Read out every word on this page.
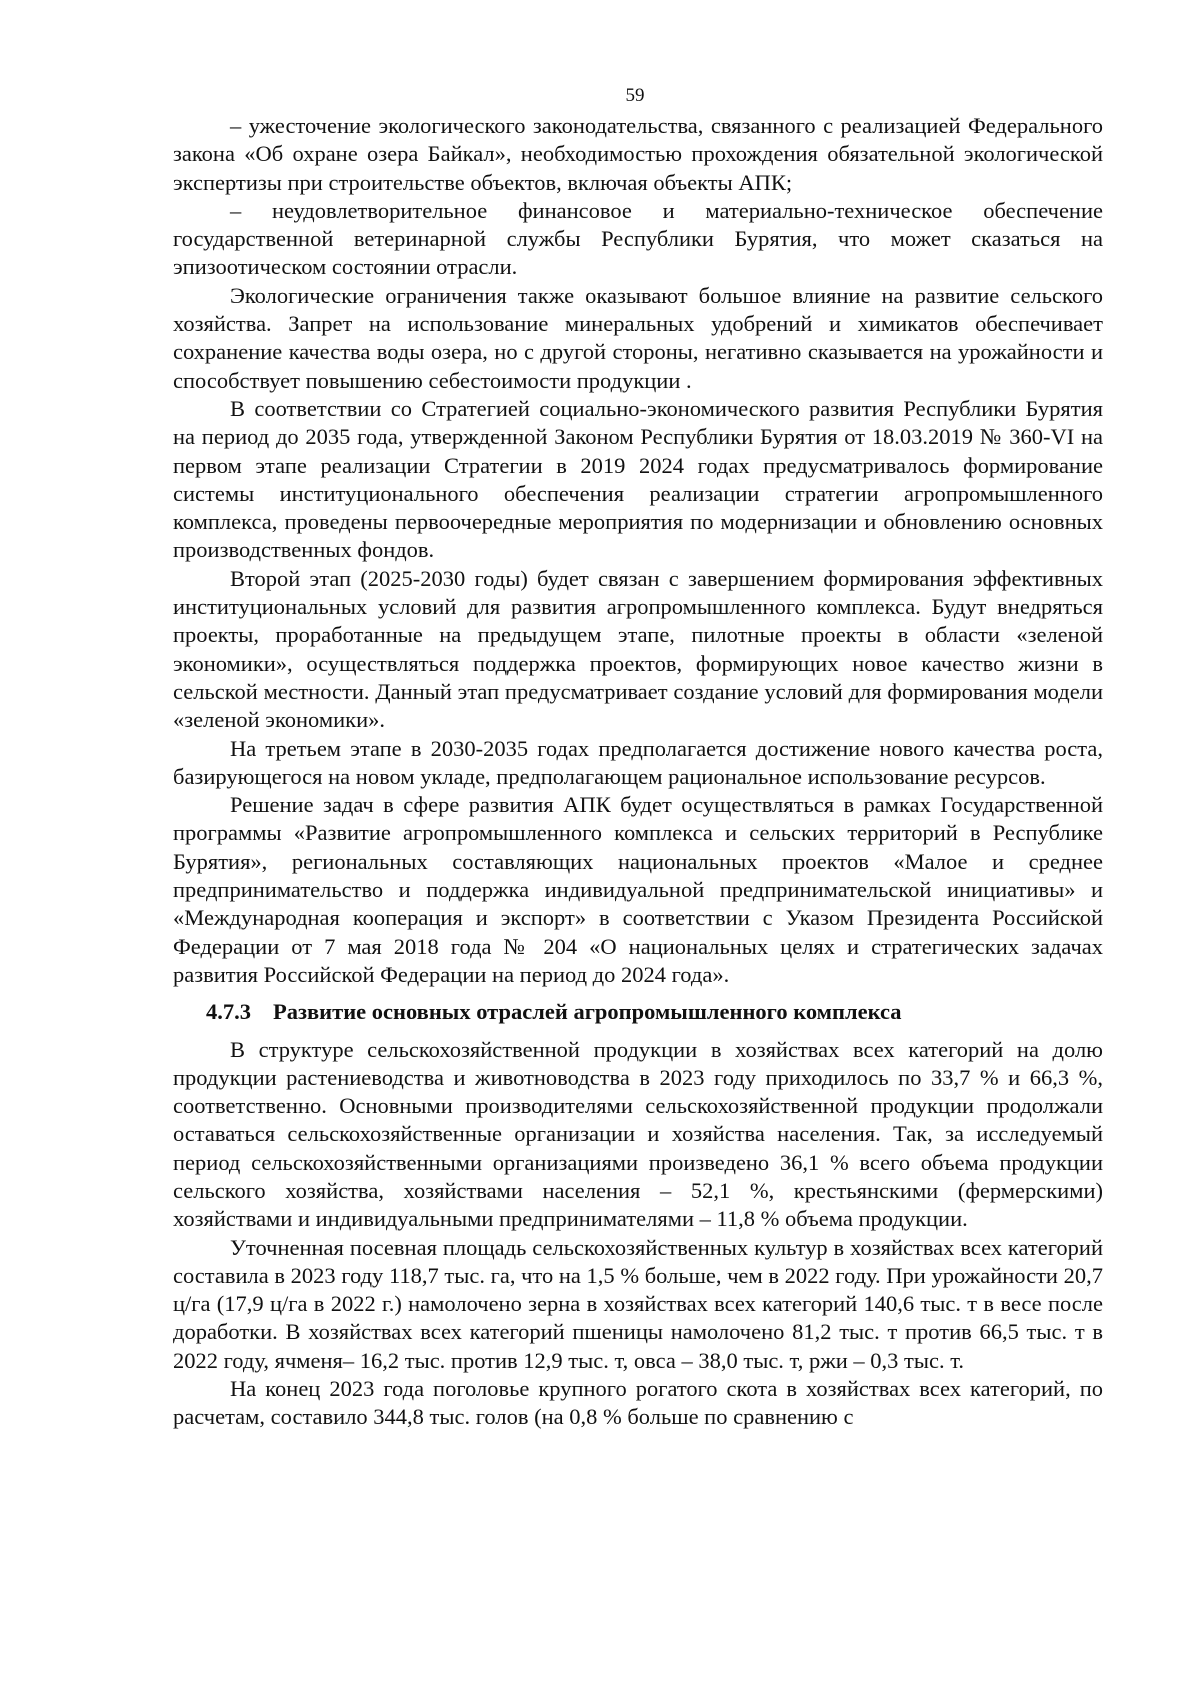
59

– ужесточение экологического законодательства, связанного с реализацией Федерального закона «Об охране озера Байкал», необходимостью прохождения обязательной экологической экспертизы при строительстве объектов, включая объекты АПК;

– неудовлетворительное финансовое и материально-техническое обеспечение государственной ветеринарной службы Республики Бурятия, что может сказаться на эпизоотическом состоянии отрасли.

Экологические ограничения также оказывают большое влияние на развитие сельского хозяйства. Запрет на использование минеральных удобрений и химикатов обеспечивает сохранение качества воды озера, но с другой стороны, негативно сказывается на урожайности и способствует повышению себестоимости продукции .

В соответствии со Стратегией социально-экономического развития Республики Бурятия на период до 2035 года, утвержденной Законом Республики Бурятия от 18.03.2019 № 360-VI на первом этапе реализации Стратегии в 2019 2024 годах предусматривалось формирование системы институционального обеспечения реализации стратегии агропромышленного комплекса, проведены первоочередные мероприятия по модернизации и обновлению основных производственных фондов.

Второй этап (2025-2030 годы) будет связан с завершением формирования эффективных институциональных условий для развития агропромышленного комплекса. Будут внедряться проекты, проработанные на предыдущем этапе, пилотные проекты в области «зеленой экономики», осуществляться поддержка проектов, формирующих новое качество жизни в сельской местности. Данный этап предусматривает создание условий для формирования модели «зеленой экономики».

На третьем этапе в 2030-2035 годах предполагается достижение нового качества роста, базирующегося на новом укладе, предполагающем рациональное использование ресурсов.

Решение задач в сфере развития АПК будет осуществляться в рамках Государственной программы «Развитие агропромышленного комплекса и сельских территорий в Республике Бурятия», региональных составляющих национальных проектов «Малое и среднее предпринимательство и поддержка индивидуальной предпринимательской инициативы» и «Международная кооперация и экспорт» в соответствии с Указом Президента Российской Федерации от 7 мая 2018 года № 204 «О национальных целях и стратегических задачах развития Российской Федерации на период до 2024 года».

4.7.3 Развитие основных отраслей агропромышленного комплекса

В структуре сельскохозяйственной продукции в хозяйствах всех категорий на долю продукции растениеводства и животноводства в 2023 году приходилось по 33,7 % и 66,3 %, соответственно. Основными производителями сельскохозяйственной продукции продолжали оставаться сельскохозяйственные организации и хозяйства населения. Так, за исследуемый период сельскохозяйственными организациями произведено 36,1 % всего объема продукции сельского хозяйства, хозяйствами населения – 52,1 %, крестьянскими (фермерскими) хозяйствами и индивидуальными предпринимателями – 11,8 % объема продукции.

Уточненная посевная площадь сельскохозяйственных культур в хозяйствах всех категорий составила в 2023 году 118,7 тыс. га, что на 1,5 % больше, чем в 2022 году. При урожайности 20,7 ц/га (17,9 ц/га в 2022 г.) намолочено зерна в хозяйствах всех категорий 140,6 тыс. т в весе после доработки. В хозяйствах всех категорий пшеницы намолочено 81,2 тыс. т против 66,5 тыс. т в 2022 году, ячменя– 16,2 тыс. против 12,9 тыс. т, овса – 38,0 тыс. т, ржи – 0,3 тыс. т.

На конец 2023 года поголовье крупного рогатого скота в хозяйствах всех категорий, по расчетам, составило 344,8 тыс. голов (на 0,8 % больше по сравнению с
